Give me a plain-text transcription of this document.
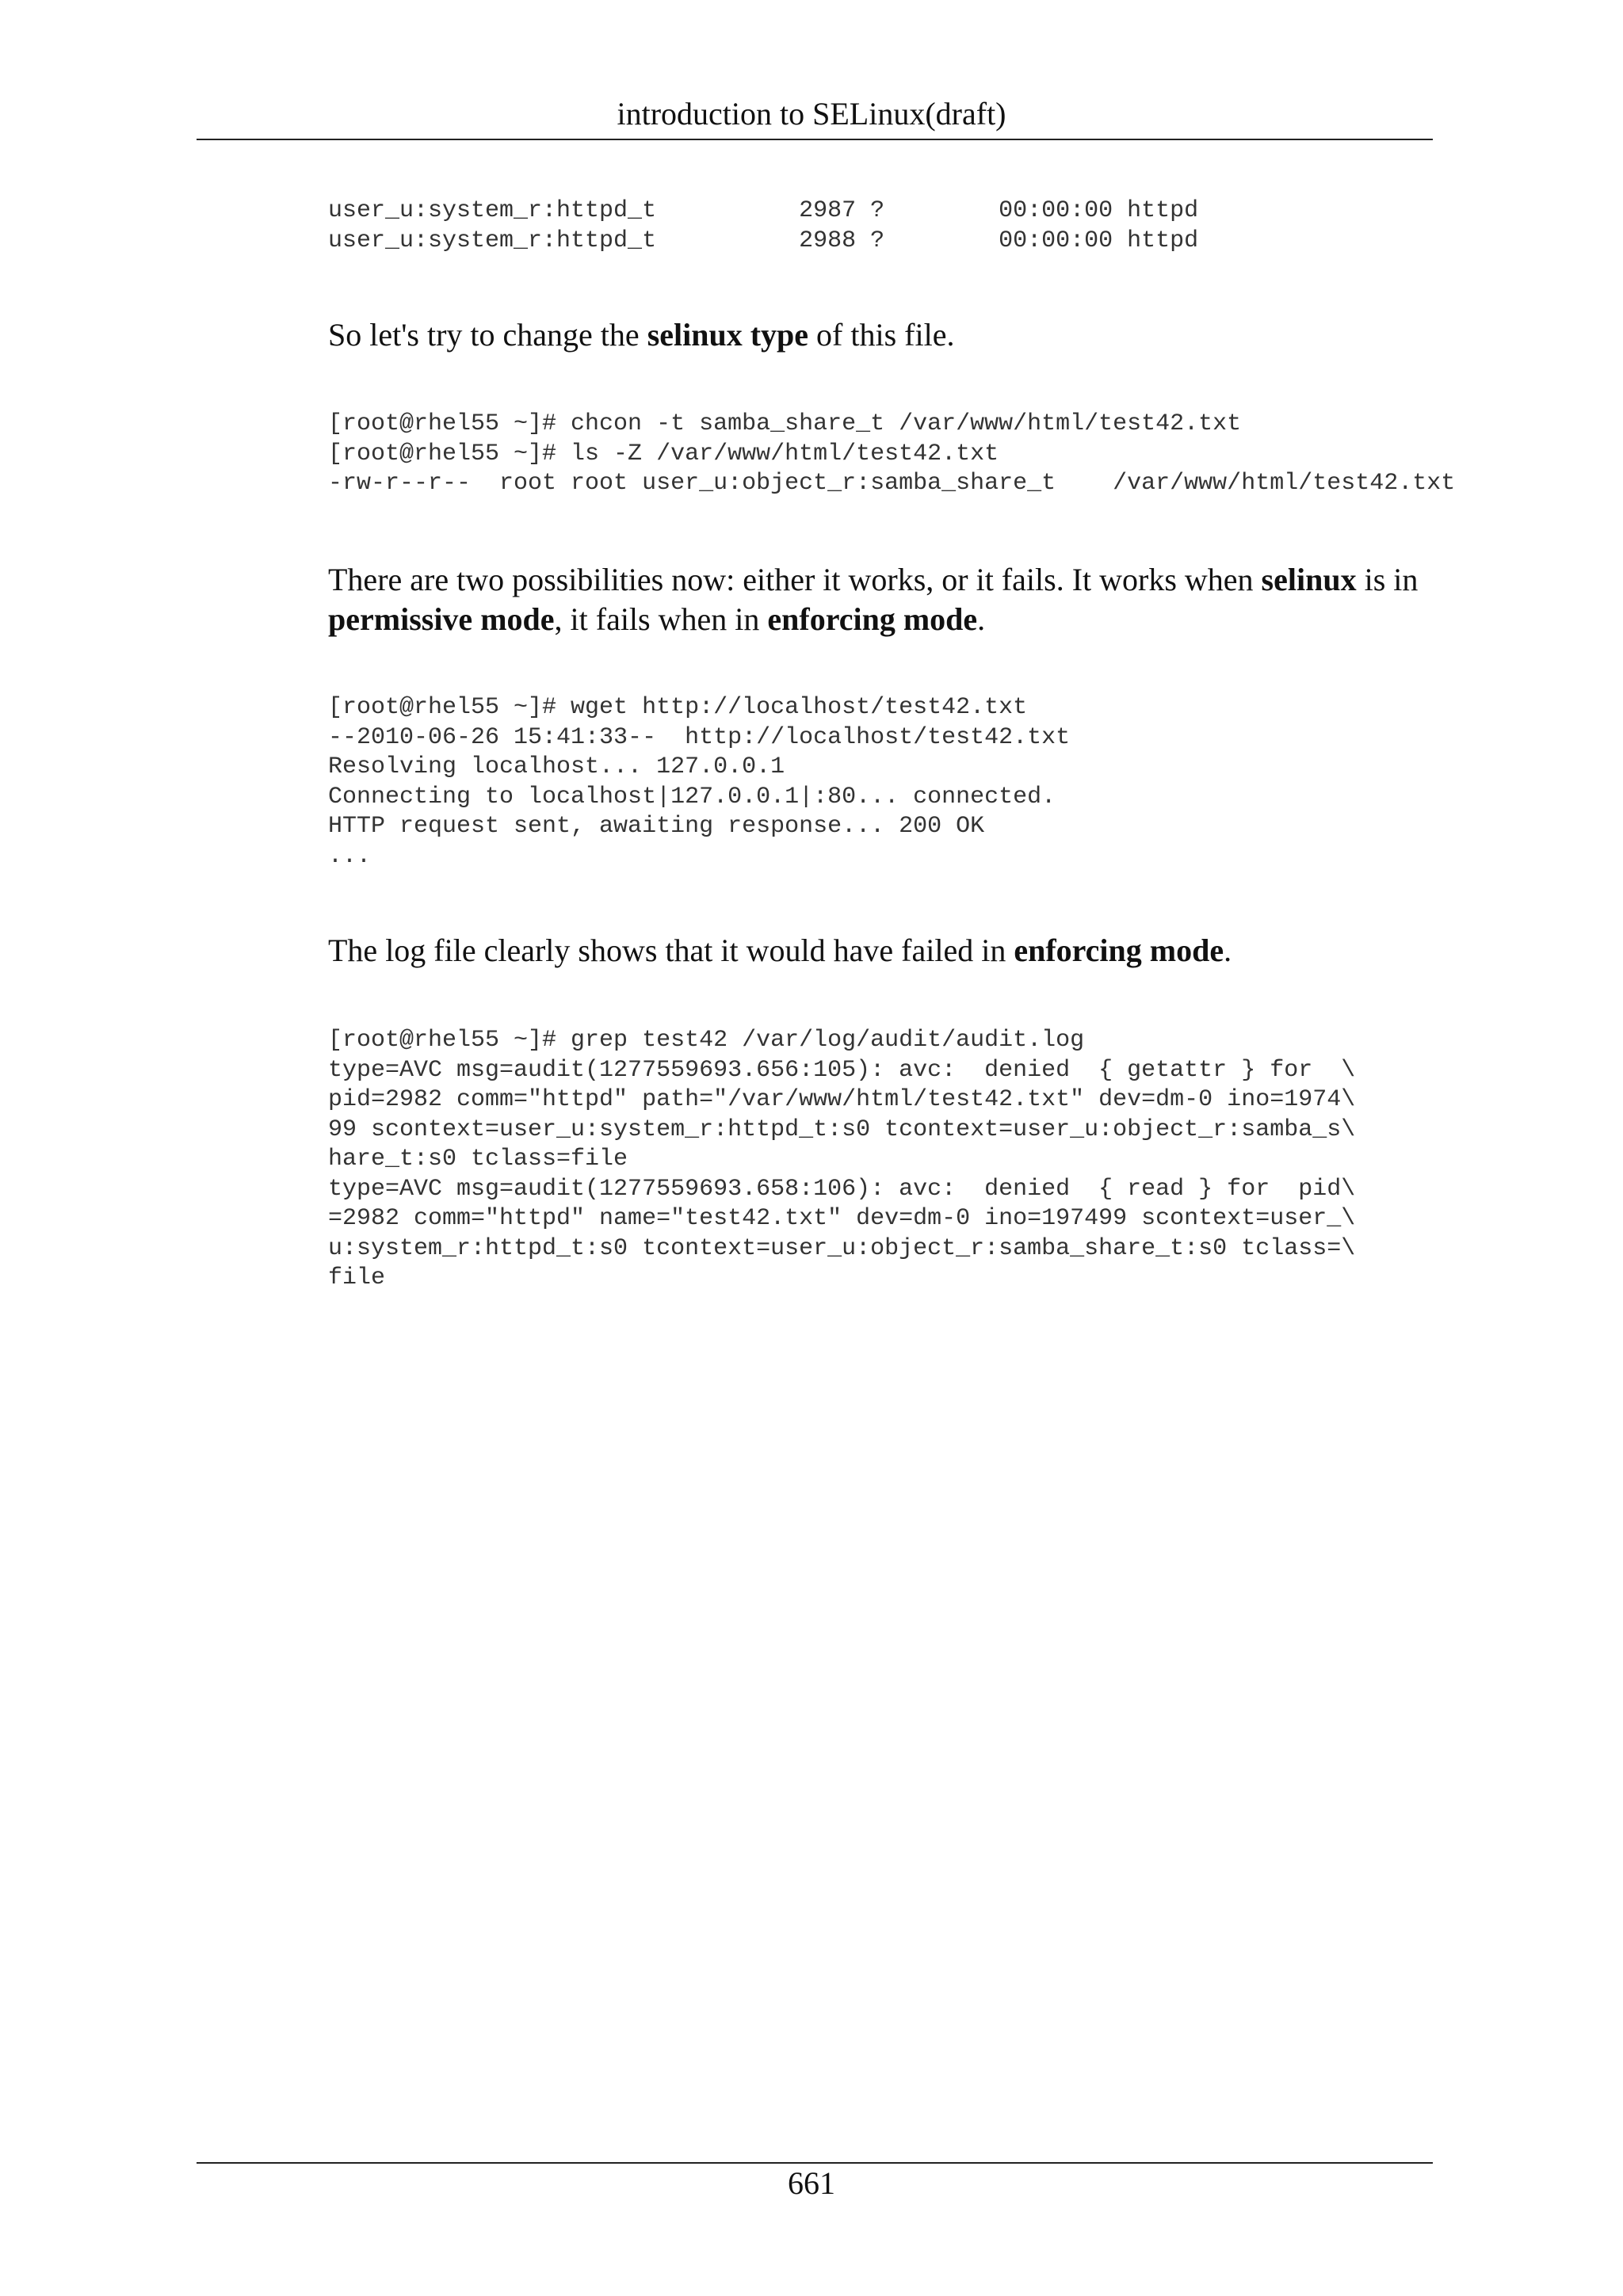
introduction to SELinux(draft)
user_u:system_r:httpd_t          2987 ?        00:00:00 httpd
user_u:system_r:httpd_t          2988 ?        00:00:00 httpd

So let's try to change the selinux type of this file.

[root@rhel55 ~]# chcon -t samba_share_t /var/www/html/test42.txt
[root@rhel55 ~]# ls -Z /var/www/html/test42.txt
-rw-r--r--  root root user_u:object_r:samba_share_t    /var/www/html/test42.txt

There are two possibilities now: either it works, or it fails. It works when selinux is in permissive mode, it fails when in enforcing mode.

[root@rhel55 ~]# wget http://localhost/test42.txt
--2010-06-26 15:41:33--  http://localhost/test42.txt
Resolving localhost... 127.0.0.1
Connecting to localhost|127.0.0.1|:80... connected.
HTTP request sent, awaiting response... 200 OK
...

The log file clearly shows that it would have failed in enforcing mode.

[root@rhel55 ~]# grep test42 /var/log/audit/audit.log
type=AVC msg=audit(1277559693.656:105): avc:  denied  { getattr } for  \
pid=2982 comm="httpd" path="/var/www/html/test42.txt" dev=dm-0 ino=1974\
99 scontext=user_u:system_r:httpd_t:s0 tcontext=user_u:object_r:samba_s\
hare_t:s0 tclass=file
type=AVC msg=audit(1277559693.658:106): avc:  denied  { read } for  pid\
=2982 comm="httpd" name="test42.txt" dev=dm-0 ino=197499 scontext=user_\
u:system_r:httpd_t:s0 tcontext=user_u:object_r:samba_share_t:s0 tclass=\
file
661
